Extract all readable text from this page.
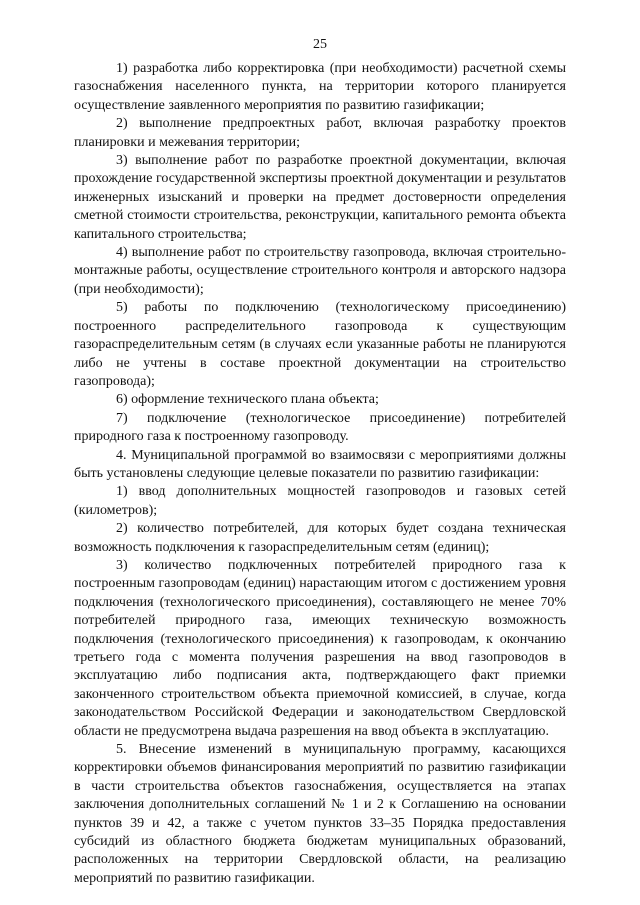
25

1) разработка либо корректировка (при необходимости) расчетной схемы газоснабжения населенного пункта, на территории которого планируется осуществление заявленного мероприятия по развитию газификации;

2) выполнение предпроектных работ, включая разработку проектов планировки и межевания территории;

3) выполнение работ по разработке проектной документации, включая прохождение государственной экспертизы проектной документации и результатов инженерных изысканий и проверки на предмет достоверности определения сметной стоимости строительства, реконструкции, капитального ремонта объекта капитального строительства;

4) выполнение работ по строительству газопровода, включая строительно-монтажные работы, осуществление строительного контроля и авторского надзора (при необходимости);

5) работы по подключению (технологическому присоединению) построенного распределительного газопровода к существующим газораспределительным сетям (в случаях если указанные работы не планируются либо не учтены в составе проектной документации на строительство газопровода);

6) оформление технического плана объекта;

7) подключение (технологическое присоединение) потребителей природного газа к построенному газопроводу.

4. Муниципальной программой во взаимосвязи с мероприятиями должны быть установлены следующие целевые показатели по развитию газификации:

1) ввод дополнительных мощностей газопроводов и газовых сетей (километров);

2) количество потребителей, для которых будет создана техническая возможность подключения к газораспределительным сетям (единиц);

3) количество подключенных потребителей природного газа к построенным газопроводам (единиц) нарастающим итогом с достижением уровня подключения (технологического присоединения), составляющего не менее 70% потребителей природного газа, имеющих техническую возможность подключения (технологического присоединения) к газопроводам, к окончанию третьего года с момента получения разрешения на ввод газопроводов в эксплуатацию либо подписания акта, подтверждающего факт приемки законченного строительством объекта приемочной комиссией, в случае, когда законодательством Российской Федерации и законодательством Свердловской области не предусмотрена выдача разрешения на ввод объекта в эксплуатацию.

5. Внесение изменений в муниципальную программу, касающихся корректировки объемов финансирования мероприятий по развитию газификации в части строительства объектов газоснабжения, осуществляется на этапах заключения дополнительных соглашений № 1 и 2 к Соглашению на основании пунктов 39 и 42, а также с учетом пунктов 33–35 Порядка предоставления субсидий из областного бюджета бюджетам муниципальных образований, расположенных на территории Свердловской области, на реализацию мероприятий по развитию газификации.
